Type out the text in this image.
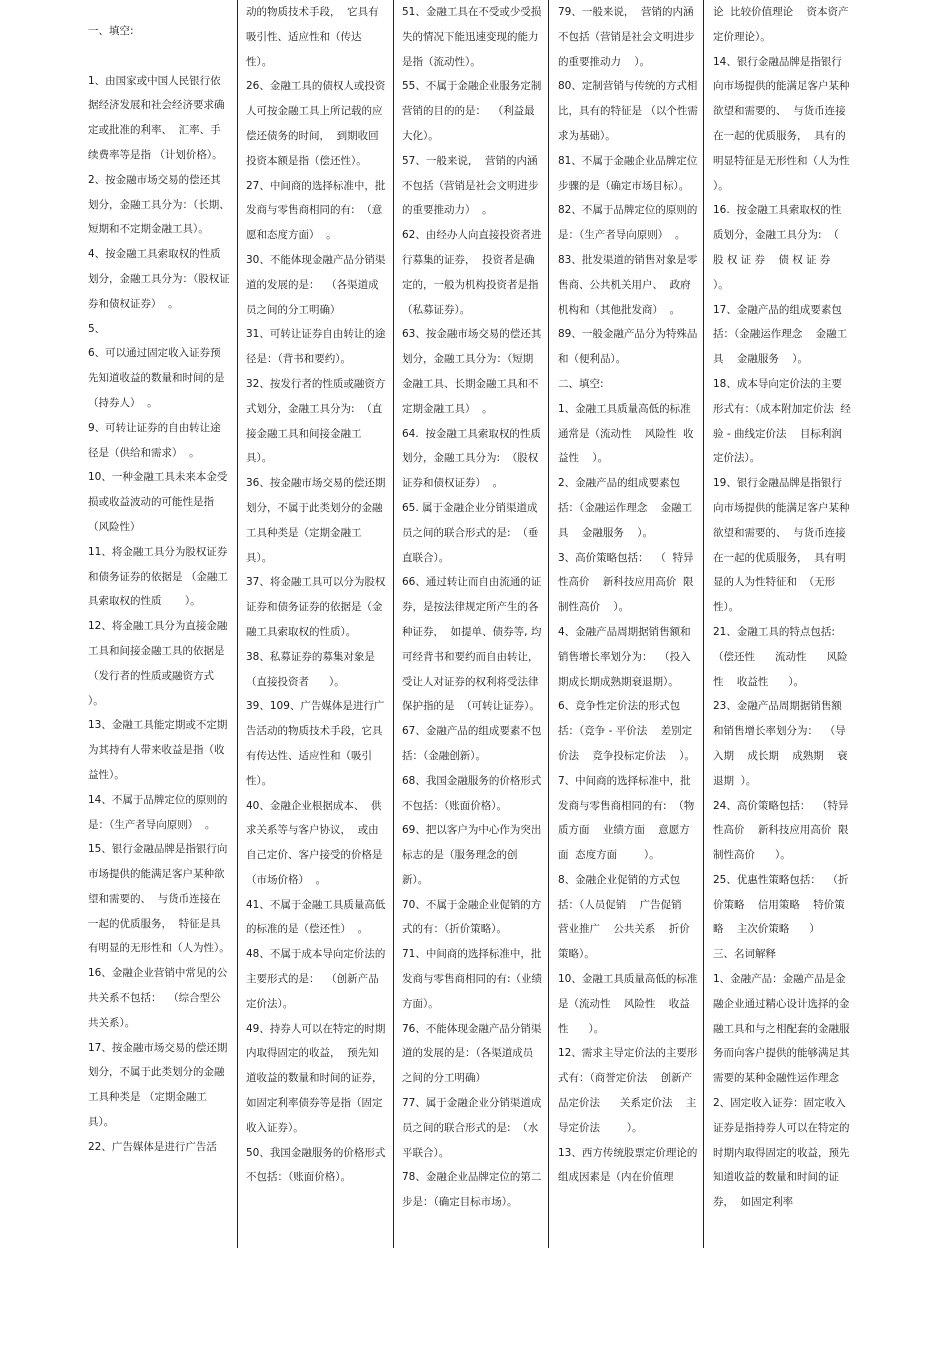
一、填空:

1、由国家或中国人民银行依据经济发展和社会经济要求确定或批准的利率、  汇率、手续费率等是指 （计划价格）。

2、按金融市场交易的偿还其划分，金融工具分为：（长期、短期和不定期金融工具）。

4、按金融工具索取权的性质划分，金融工具分为：（股权证券和债权证券）  。

5、

6、可以通过固定收入证券预先知道收益的数量和时间的是（持券人）  。

9、可转让证券的自由转让途径是（供给和需求）  。

10、一种金融工具未来本金受损或收益波动的可能性是指（风险性）

11、将金融工具分为股权证券和债务证券的依据是 （金融工具索取权的性质       ）。

12、将金融工具分为直接金融工具和间接金融工具的依据是（发行者的性质或融资方式   ）。

13、金融工具能定期或不定期为其持有人带来收益是指（收益性）。

14、不属于品牌定位的原则的是：（生产者导向原则）  。

15、银行金融品牌是指银行向市场提供的能满足客户某种欲望和需要的、  与货币连接在一起的优质服务，  特征是具有明显的无形性和（人为性）。

16、金融企业营销中常见的公共关系不包括：  （综合型公共关系）。

17、按金融市场交易的偿还期划分，不属于此类划分的金融工具种类是 （定期金融工具）。

22、广告媒体是进行广告活

动的物质技术手段，  它具有吸引性、适应性和（传达性）。

26、金融工具的债权人或投资人可按金融工具上所记载的应偿还债务的时间，  到期收回投资本额是指（偿还性）。

27、中间商的选择标准中，批发商与零售商相同的有:  （意愿和态度方面）  。

30、不能体现金融产品分销渠道的发展的是：  （各渠道成员之间的分工明确）

31、可转让证券自由转让的途径是：（背书和要约）。

32、按发行者的性质或融资方式划分，金融工具分为:  （直接金融工具和间接金融工具）。

36、按金融市场交易的偿还期划分，不属于此类划分的金融工具种类是（定期金融工具）。

37、将金融工具可以分为股权证券和债务证券的依据是（金融工具索取权的性质）。

38、私募证券的募集对象是（直接投资者      ）。

39、109、广告媒体是进行广告活动的物质技术手段，它具有传达性、适应性和（吸引性）。

40、金融企业根据成本、  供求关系等与客户协议，  或由自己定价、客户接受的价格是（市场价格）  。

41、不属于金融工具质量高低的标准的是（偿还性）  。

48、不属于成本导向定价法的主要形式的是：  （创新产品定价法）。

49、持券人可以在特定的时期内取得固定的收益，  预先知道收益的数量和时间的证券，如固定利率债券等是指（固定收入证券）。

50、我国金融服务的价格形式不包括：（账面价格）。

51、金融工具在不受或少受损失的情况下能迅速变现的能力是指（流动性）。

55、不属于金融企业服务定制营销的目的的是：  （利益最大化）。

57、一般来说，  营销的内涵不包括（营销是社会文明进步的重要推动力）  。

62、由经办人向直接投资者进行募集的证券，  投资者是确定的，一般为机构投资者是指（私募证券）。

63、按金融市场交易的偿还其划分，金融工具分为：（短期金融工具、长期金融工具和不定期金融工具）  。

64.  按金融工具索取权的性质划分，金融工具分为:  （股权证券和债权证券）  。

65. 属于金融企业分销渠道成员之间的联合形式的是:  （垂直联合）。

66、通过转让而自由流通的证券，是按法律规定所产生的各种证券，  如提单、债券等, 均可经背书和要约而自由转让，受让人对证券的权利将受法律保护指的是  （可转让证券）。

67、金融产品的组成要素不包括：（金融创新）。

68、我国金融服务的价格形式不包括：（账面价格）。

69、把以客户为中心作为突出标志的是（服务理念的创新）。

70、不属于金融企业促销的方式的有：（折价策略）。

71、中间商的选择标准中，批发商与零售商相同的有:（业绩方面）。

76、不能体现金融产品分销渠道的发展的是：（各渠道成员之间的分工明确）

77、属于金融企业分销渠道成员之间的联合形式的是:  （水平联合）。

78、金融企业品牌定位的第二步是：（确定目标市场）。

79、一般来说，  营销的内涵不包括（营销是社会文明进步的重要推动力    ）。

80、定制营销与传统的方式相比，具有的特征是 （以个性需求为基础）。

81、不属于金融企业品牌定位步骤的是（确定市场目标）。

82、不属于品牌定位的原则的是：（生产者导向原则）  。

83、批发渠道的销售对象是零售商、公共机关用户、  政府机构和（其他批发商）  。

89、一般金融产品分为特殊品和（便利品）。

二、填空:

1、金融工具质量高低的标准通常是（流动性    风险性  收益性    ）。

2、金融产品的组成要素包括：（金融运作理念    金融工具    金融服务    ）。

3、高价策略包括：  （  特异性高价    新科技应用高价  限制性高价    ）。

4、金融产品周期据销售额和销售增长率划分为：  （投入期成长期成熟期衰退期）。

6、竞争性定价法的形式包括：（竞争 - 平价法    差别定价法    竞争投标定价法    ）。

7、中间商的选择标准中，批发商与零售商相同的有:  （物质方面    业绩方面    意愿方面  态度方面        ）。

8、金融企业促销的方式包括：（人员促销    广告促销  营业推广    公共关系    折价策略）。

10、金融工具质量高低的标准是（流动性    风险性    收益性      ）。

12、需求主导定价法的主要形式有：（商誉定价法    创新产品定价法      关系定价法    主导定价法        ）。

13、西方传统股票定价理论的组成因素是（内在价值理

论  比较价值理论    资本资产定价理论）。

14、银行金融品牌是指银行向市场提供的能满足客户某种欲望和需要的、  与货币连接在一起的优质服务，  具有的明显特征是无形性和（人为性    ）。

16.  按金融工具索取权的性质划分，金融工具分为:  （ 股 权 证 券    债 权 证 券    ）。

17、金融产品的组成要素包括：（金融运作理念    金融工具    金融服务    ）。

18、成本导向定价法的主要形式有：（成本附加定价法  经验 - 曲线定价法    目标利润定价法）。

19、银行金融品牌是指银行向市场提供的能满足客户某种欲望和需要的、  与货币连接在一起的优质服务，  具有明显的人为性特征和  （无形性）。

21、金融工具的特点包括:  （偿还性      流动性      风险性    收益性      ）。

23、金融产品周期据销售额和销售增长率划分为：  （导入期    成长期    成熟期    衰退期  ）。

24、高价策略包括：  （特异性高价    新科技应用高价  限制性高价      ）。

25、优惠性策略包括：  （折价策略    信用策略    特价策略    主次价策略      ）

三、名词解释

1、金融产品：金融产品是金融企业通过精心设计选择的金融工具和与之相配套的金融服务而向客户提供的能够满足其需要的某种金融性运作理念

2、固定收入证券：固定收入证券是指持券人可以在特定的时期内取得固定的收益，预先知道收益的数量和时间的证券，  如固定利率
